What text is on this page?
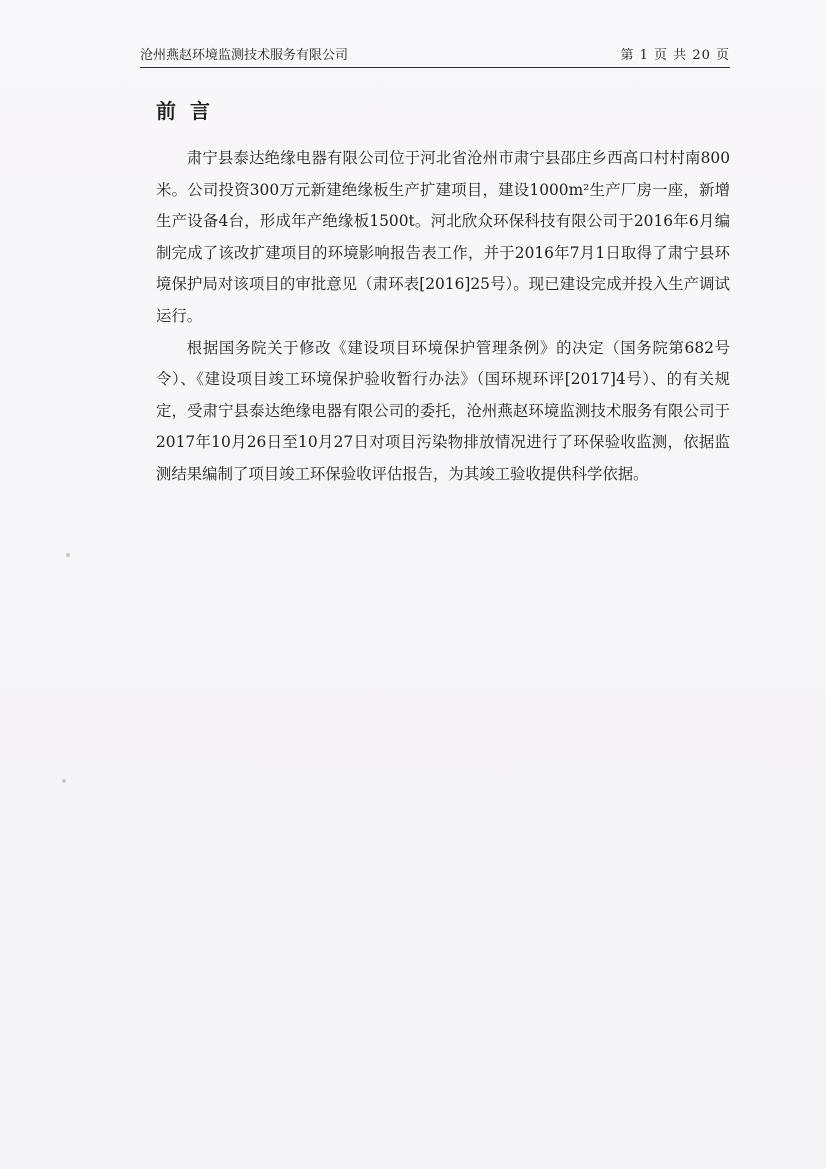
沧州燕赵环境监测技术服务有限公司	第 1 页 共 20 页
前言

肃宁县泰达绝缘电器有限公司位于河北省沧州市肃宁县邵庄乡西高口村村南800米。公司投资300万元新建绝缘板生产扩建项目，建设1000m²生产厂房一座，新增生产设备4台，形成年产绝缘板1500t。河北欣众环保科技有限公司于2016年6月编制完成了该改扩建项目的环境影响报告表工作，并于2016年7月1日取得了肃宁县环境保护局对该项目的审批意见（肃环表[2016]25号）。现已建设完成并投入生产调试运行。

根据国务院关于修改《建设项目环境保护管理条例》的决定（国务院第682号令）、《建设项目竣工环境保护验收暂行办法》（国环规环评[2017]4号）、的有关规定，受肃宁县泰达绝缘电器有限公司的委托，沧州燕赵环境监测技术服务有限公司于2017年10月26日至10月27日对项目污染物排放情况进行了环保验收监测，依据监测结果编制了项目竣工环保验收评估报告，为其竣工验收提供科学依据。
